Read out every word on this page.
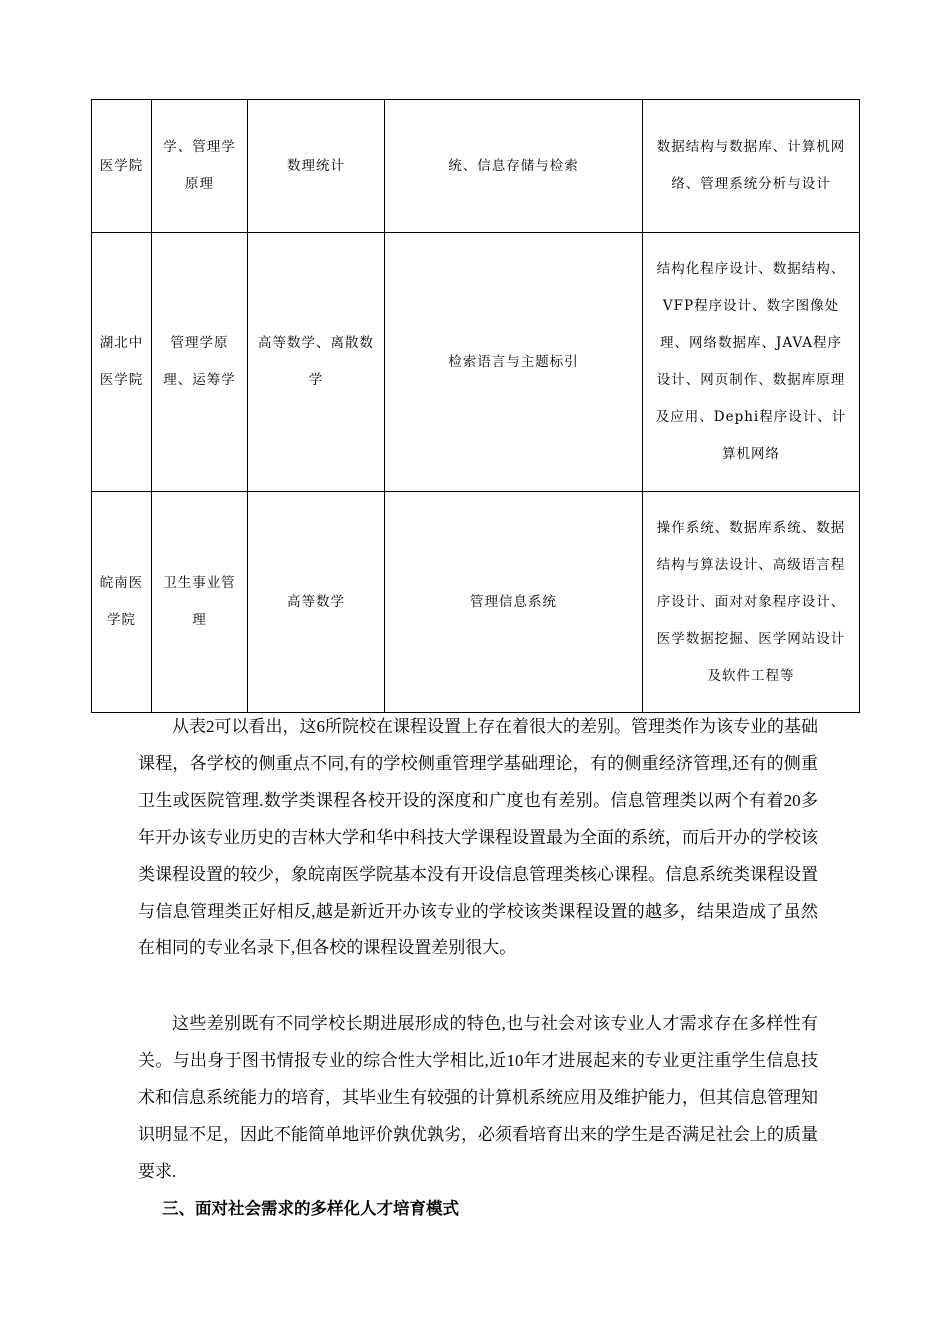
医学院	学、管理学原理	数理统计	统、信息存储与检索	数据结构与数据库、计算机网络、管理系统分析与设计
湖北中医学院	管理学原理、运筹学	高等数学、离散数学	检索语言与主题标引	结构化程序设计、数据结构、VFP程序设计、数字图像处理、网络数据库、JAVA程序设计、网页制作、数据库原理及应用、Dephi程序设计、计算机网络
皖南医学院	卫生事业管理	高等数学	管理信息系统	操作系统、数据库系统、数据结构与算法设计、高级语言程序设计、面对对象程序设计、医学数据挖掘、医学网站设计及软件工程等

从表2可以看出，这6所院校在课程设置上存在着很大的差别。管理类作为该专业的基础课程，各学校的侧重点不同,有的学校侧重管理学基础理论，有的侧重经济管理,还有的侧重卫生或医院管理.数学类课程各校开设的深度和广度也有差别。信息管理类以两个有着20多年开办该专业历史的吉林大学和华中科技大学课程设置最为全面的系统，而后开办的学校该类课程设置的较少，象皖南医学院基本没有开设信息管理类核心课程。信息系统类课程设置与信息管理类正好相反,越是新近开办该专业的学校该类课程设置的越多，结果造成了虽然在相同的专业名录下,但各校的课程设置差别很大。

这些差别既有不同学校长期进展形成的特色,也与社会对该专业人才需求存在多样性有关。与出身于图书情报专业的综合性大学相比,近10年才进展起来的专业更注重学生信息技术和信息系统能力的培育，其毕业生有较强的计算机系统应用及维护能力，但其信息管理知识明显不足，因此不能简单地评价孰优孰劣，必须看培育出来的学生是否满足社会上的质量要求.

三、面对社会需求的多样化人才培育模式
